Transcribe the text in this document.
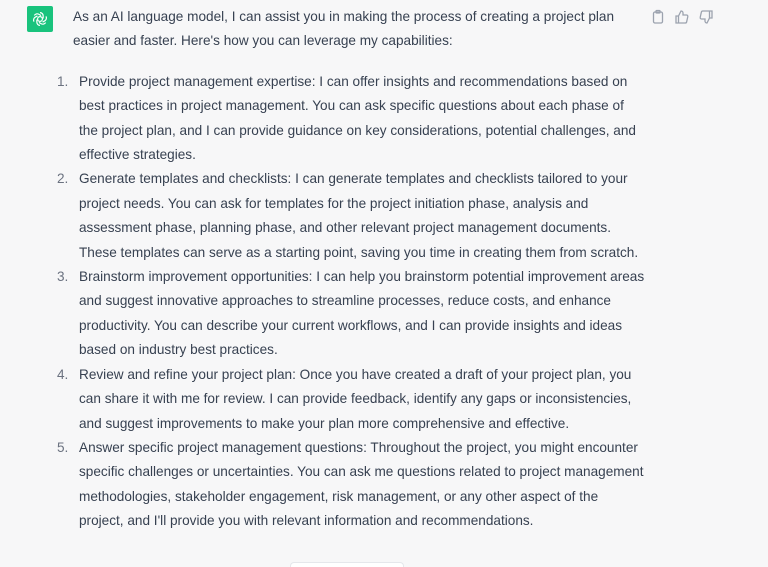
As an AI language model, I can assist you in making the process of creating a project plan easier and faster. Here's how you can leverage my capabilities:

1. Provide project management expertise: I can offer insights and recommendations based on best practices in project management. You can ask specific questions about each phase of the project plan, and I can provide guidance on key considerations, potential challenges, and effective strategies.
2. Generate templates and checklists: I can generate templates and checklists tailored to your project needs. You can ask for templates for the project initiation phase, analysis and assessment phase, planning phase, and other relevant project management documents. These templates can serve as a starting point, saving you time in creating them from scratch.
3. Brainstorm improvement opportunities: I can help you brainstorm potential improvement areas and suggest innovative approaches to streamline processes, reduce costs, and enhance productivity. You can describe your current workflows, and I can provide insights and ideas based on industry best practices.
4. Review and refine your project plan: Once you have created a draft of your project plan, you can share it with me for review. I can provide feedback, identify any gaps or inconsistencies, and suggest improvements to make your plan more comprehensive and effective.
5. Answer specific project management questions: Throughout the project, you might encounter specific challenges or uncertainties. You can ask me questions related to project management methodologies, stakeholder engagement, risk management, or any other aspect of the project, and I'll provide you with relevant information and recommendations.
